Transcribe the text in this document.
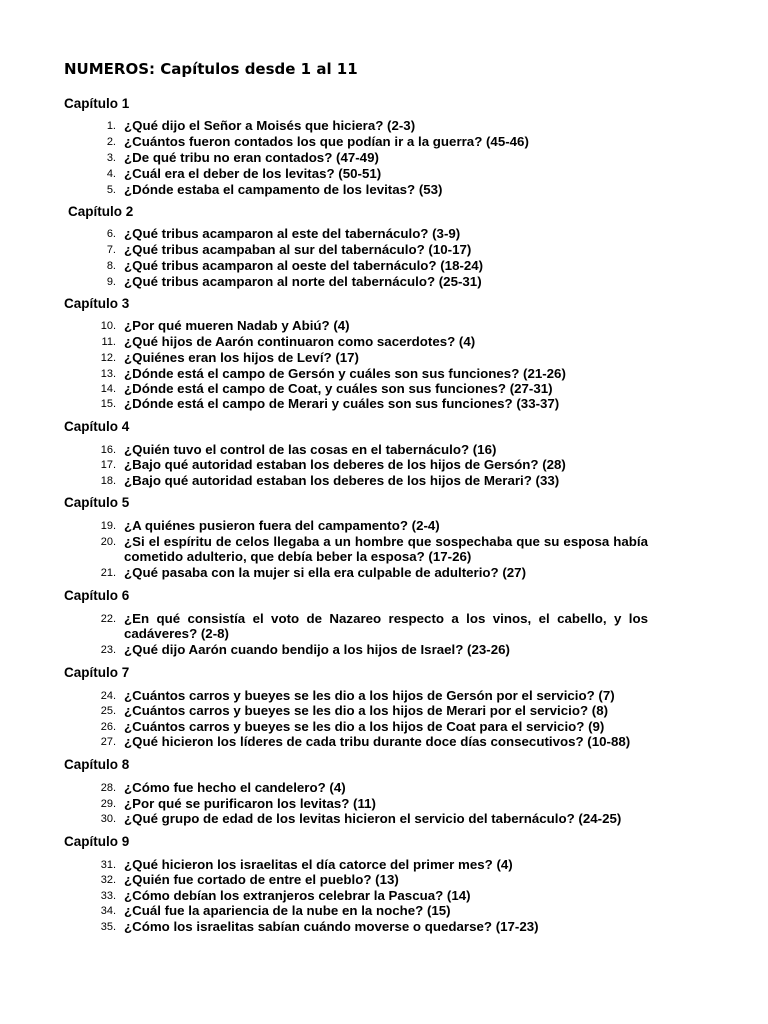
NUMEROS: Capítulos desde 1 al 11
Capítulo 1
1. ¿Qué dijo el Señor a Moisés que hiciera? (2-3)
2. ¿Cuántos fueron contados los que podían ir a la guerra? (45-46)
3. ¿De qué tribu no eran contados? (47-49)
4. ¿Cuál era el deber de los levitas? (50-51)
5. ¿Dónde estaba el campamento de los levitas? (53)
Capítulo 2
6. ¿Qué tribus acamparon al este del tabernáculo? (3-9)
7. ¿Qué tribus acampaban al sur del tabernáculo? (10-17)
8. ¿Qué tribus acamparon al oeste del tabernáculo? (18-24)
9. ¿Qué tribus acamparon al norte del tabernáculo? (25-31)
Capítulo 3
10. ¿Por qué mueren Nadab y Abiú? (4)
11. ¿Qué hijos de Aarón continuaron como sacerdotes? (4)
12. ¿Quiénes eran los hijos de Leví? (17)
13. ¿Dónde está el campo de Gersón y cuáles son sus funciones? (21-26)
14. ¿Dónde está el campo de Coat, y cuáles son sus funciones? (27-31)
15. ¿Dónde está el campo de Merari y cuáles son sus funciones? (33-37)
Capítulo 4
16. ¿Quién tuvo el control de las cosas en el tabernáculo? (16)
17. ¿Bajo qué autoridad estaban los deberes de los hijos de Gersón? (28)
18. ¿Bajo qué autoridad estaban los deberes de los hijos de Merari? (33)
Capítulo 5
19. ¿A quiénes pusieron fuera del campamento? (2-4)
20. ¿Si el espíritu de celos llegaba a un hombre que sospechaba que su esposa había cometido adulterio, que debía beber la esposa? (17-26)
21. ¿Qué pasaba con la mujer si ella era culpable de adulterio? (27)
Capítulo 6
22. ¿En qué consistía el voto de Nazareo respecto a los vinos, el cabello, y los cadáveres? (2-8)
23. ¿Qué dijo Aarón cuando bendijo a los hijos de Israel? (23-26)
Capítulo 7
24. ¿Cuántos carros y bueyes se les dio a los hijos de Gersón por el servicio? (7)
25. ¿Cuántos carros y bueyes se les dio a los hijos de Merari por el servicio? (8)
26. ¿Cuántos carros y bueyes se les dio a los hijos de Coat para el servicio? (9)
27. ¿Qué hicieron los líderes de cada tribu durante doce días consecutivos? (10-88)
Capítulo 8
28. ¿Cómo fue hecho el candelero? (4)
29. ¿Por qué se purificaron los levitas? (11)
30. ¿Qué grupo de edad de los levitas hicieron el servicio del tabernáculo? (24-25)
Capítulo 9
31. ¿Qué hicieron los israelitas el día catorce del primer mes? (4)
32. ¿Quién fue cortado de entre el pueblo? (13)
33. ¿Cómo debían los extranjeros celebrar la Pascua? (14)
34. ¿Cuál fue la apariencia de la nube en la noche? (15)
35. ¿Cómo los israelitas sabían cuándo moverse o quedarse? (17-23)
